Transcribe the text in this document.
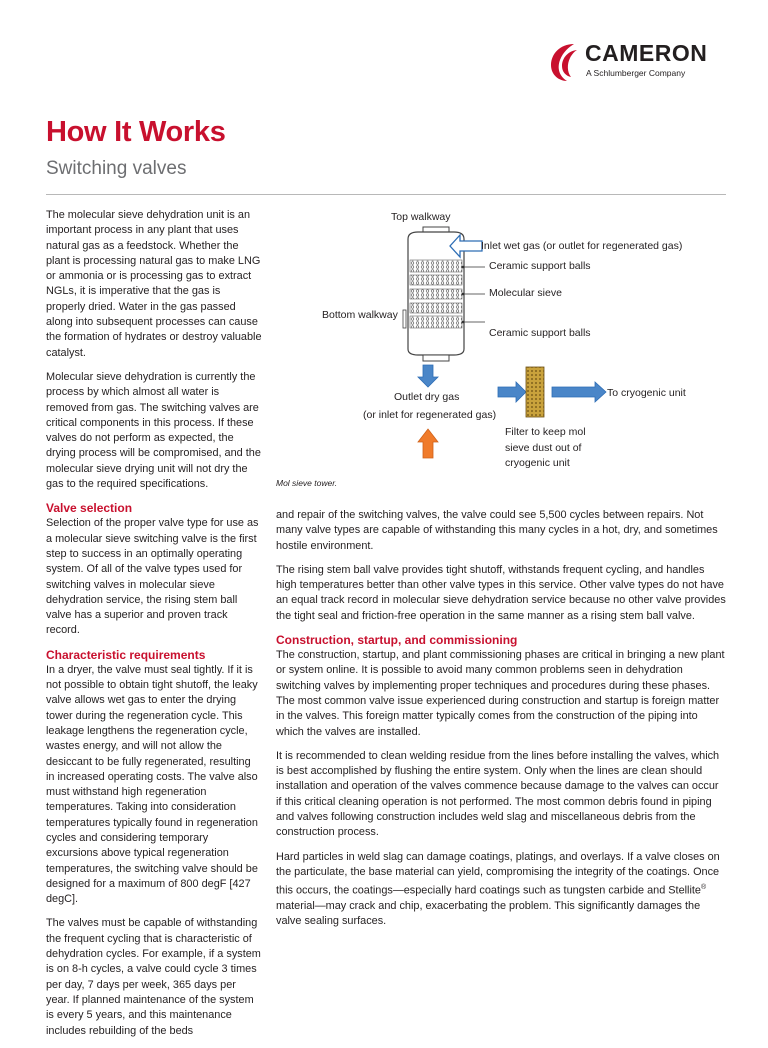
CAMERON
A Schlumberger Company
How It Works
Switching valves

The molecular sieve dehydration unit is an important process in any plant that uses natural gas as a feedstock. Whether the plant is processing natural gas to make LNG or ammonia or is processing gas to extract NGLs, it is imperative that the gas is properly dried. Water in the gas passed along into subsequent processes can cause the formation of hydrates or destroy valuable catalyst.

Molecular sieve dehydration is currently the process by which almost all water is removed from gas. The switching valves are critical components in this process. If these valves do not perform as expected, the drying process will be compromised, and the molecular sieve drying unit will not dry the gas to the required specifications.

Valve selection

Selection of the proper valve type for use as a molecular sieve switching valve is the first step to success in an optimally operating system. Of all of the valve types used for switching valves in molecular sieve dehydration service, the rising stem ball valve has a superior and proven track record.

Characteristic requirements

In a dryer, the valve must seal tightly. If it is not possible to obtain tight shutoff, the leaky valve allows wet gas to enter the drying tower during the regeneration cycle. This leakage lengthens the regeneration cycle, wastes energy, and will not allow the desiccant to be fully regenerated, resulting in increased operating costs. The valve also must withstand high regeneration temperatures. Taking into consideration temperatures typically found in regeneration cycles and considering temporary excursions above typical regeneration temperatures, the switching valve should be designed for a maximum of 800 degF [427 degC].

The valves must be capable of withstanding the frequent cycling that is characteristic of dehydration cycles. For example, if a system is on 8-h cycles, a valve could cycle 3 times per day, 7 days per week, 365 days per year. If planned maintenance of the system is every 5 years, and this maintenance includes rebuilding of the beds

Top walkway
Inlet wet gas (or outlet for regenerated gas)
Ceramic support balls
Molecular sieve
Bottom walkway
Ceramic support balls
Outlet dry gas
(or inlet for regenerated gas)
To cryogenic unit
Filter to keep mol
sieve dust out of
cryogenic unit
Mol sieve tower.

and repair of the switching valves, the valve could see 5,500 cycles between repairs. Not many valve types are capable of withstanding this many cycles in a hot, dry, and sometimes hostile environment.

The rising stem ball valve provides tight shutoff, withstands frequent cycling, and handles high temperatures better than other valve types in this service. Other valve types do not have an equal track record in molecular sieve dehydration service because no other valve provides the tight seal and friction-free operation in the same manner as a rising stem ball valve.

Construction, startup, and commissioning

The construction, startup, and plant commissioning phases are critical in bringing a new plant or system online. It is possible to avoid many common problems seen in dehydration switching valves by implementing proper techniques and procedures during these phases. The most common valve issue experienced during construction and startup is foreign matter in the valves. This foreign matter typically comes from the construction of the piping into which the valves are installed.

It is recommended to clean welding residue from the lines before installing the valves, which is best accomplished by flushing the entire system. Only when the lines are clean should installation and operation of the valves commence because damage to the valves can occur if this critical cleaning operation is not performed. The most common debris found in piping and valves following construction includes weld slag and miscellaneous debris from the construction process.

Hard particles in weld slag can damage coatings, platings, and overlays. If a valve closes on the particulate, the base material can yield, compromising the integrity of the coatings. Once this occurs, the coatings—especially hard coatings such as tungsten carbide and Stellite® material—may crack and chip, exacerbating the problem. This significantly damages the valve sealing surfaces.
